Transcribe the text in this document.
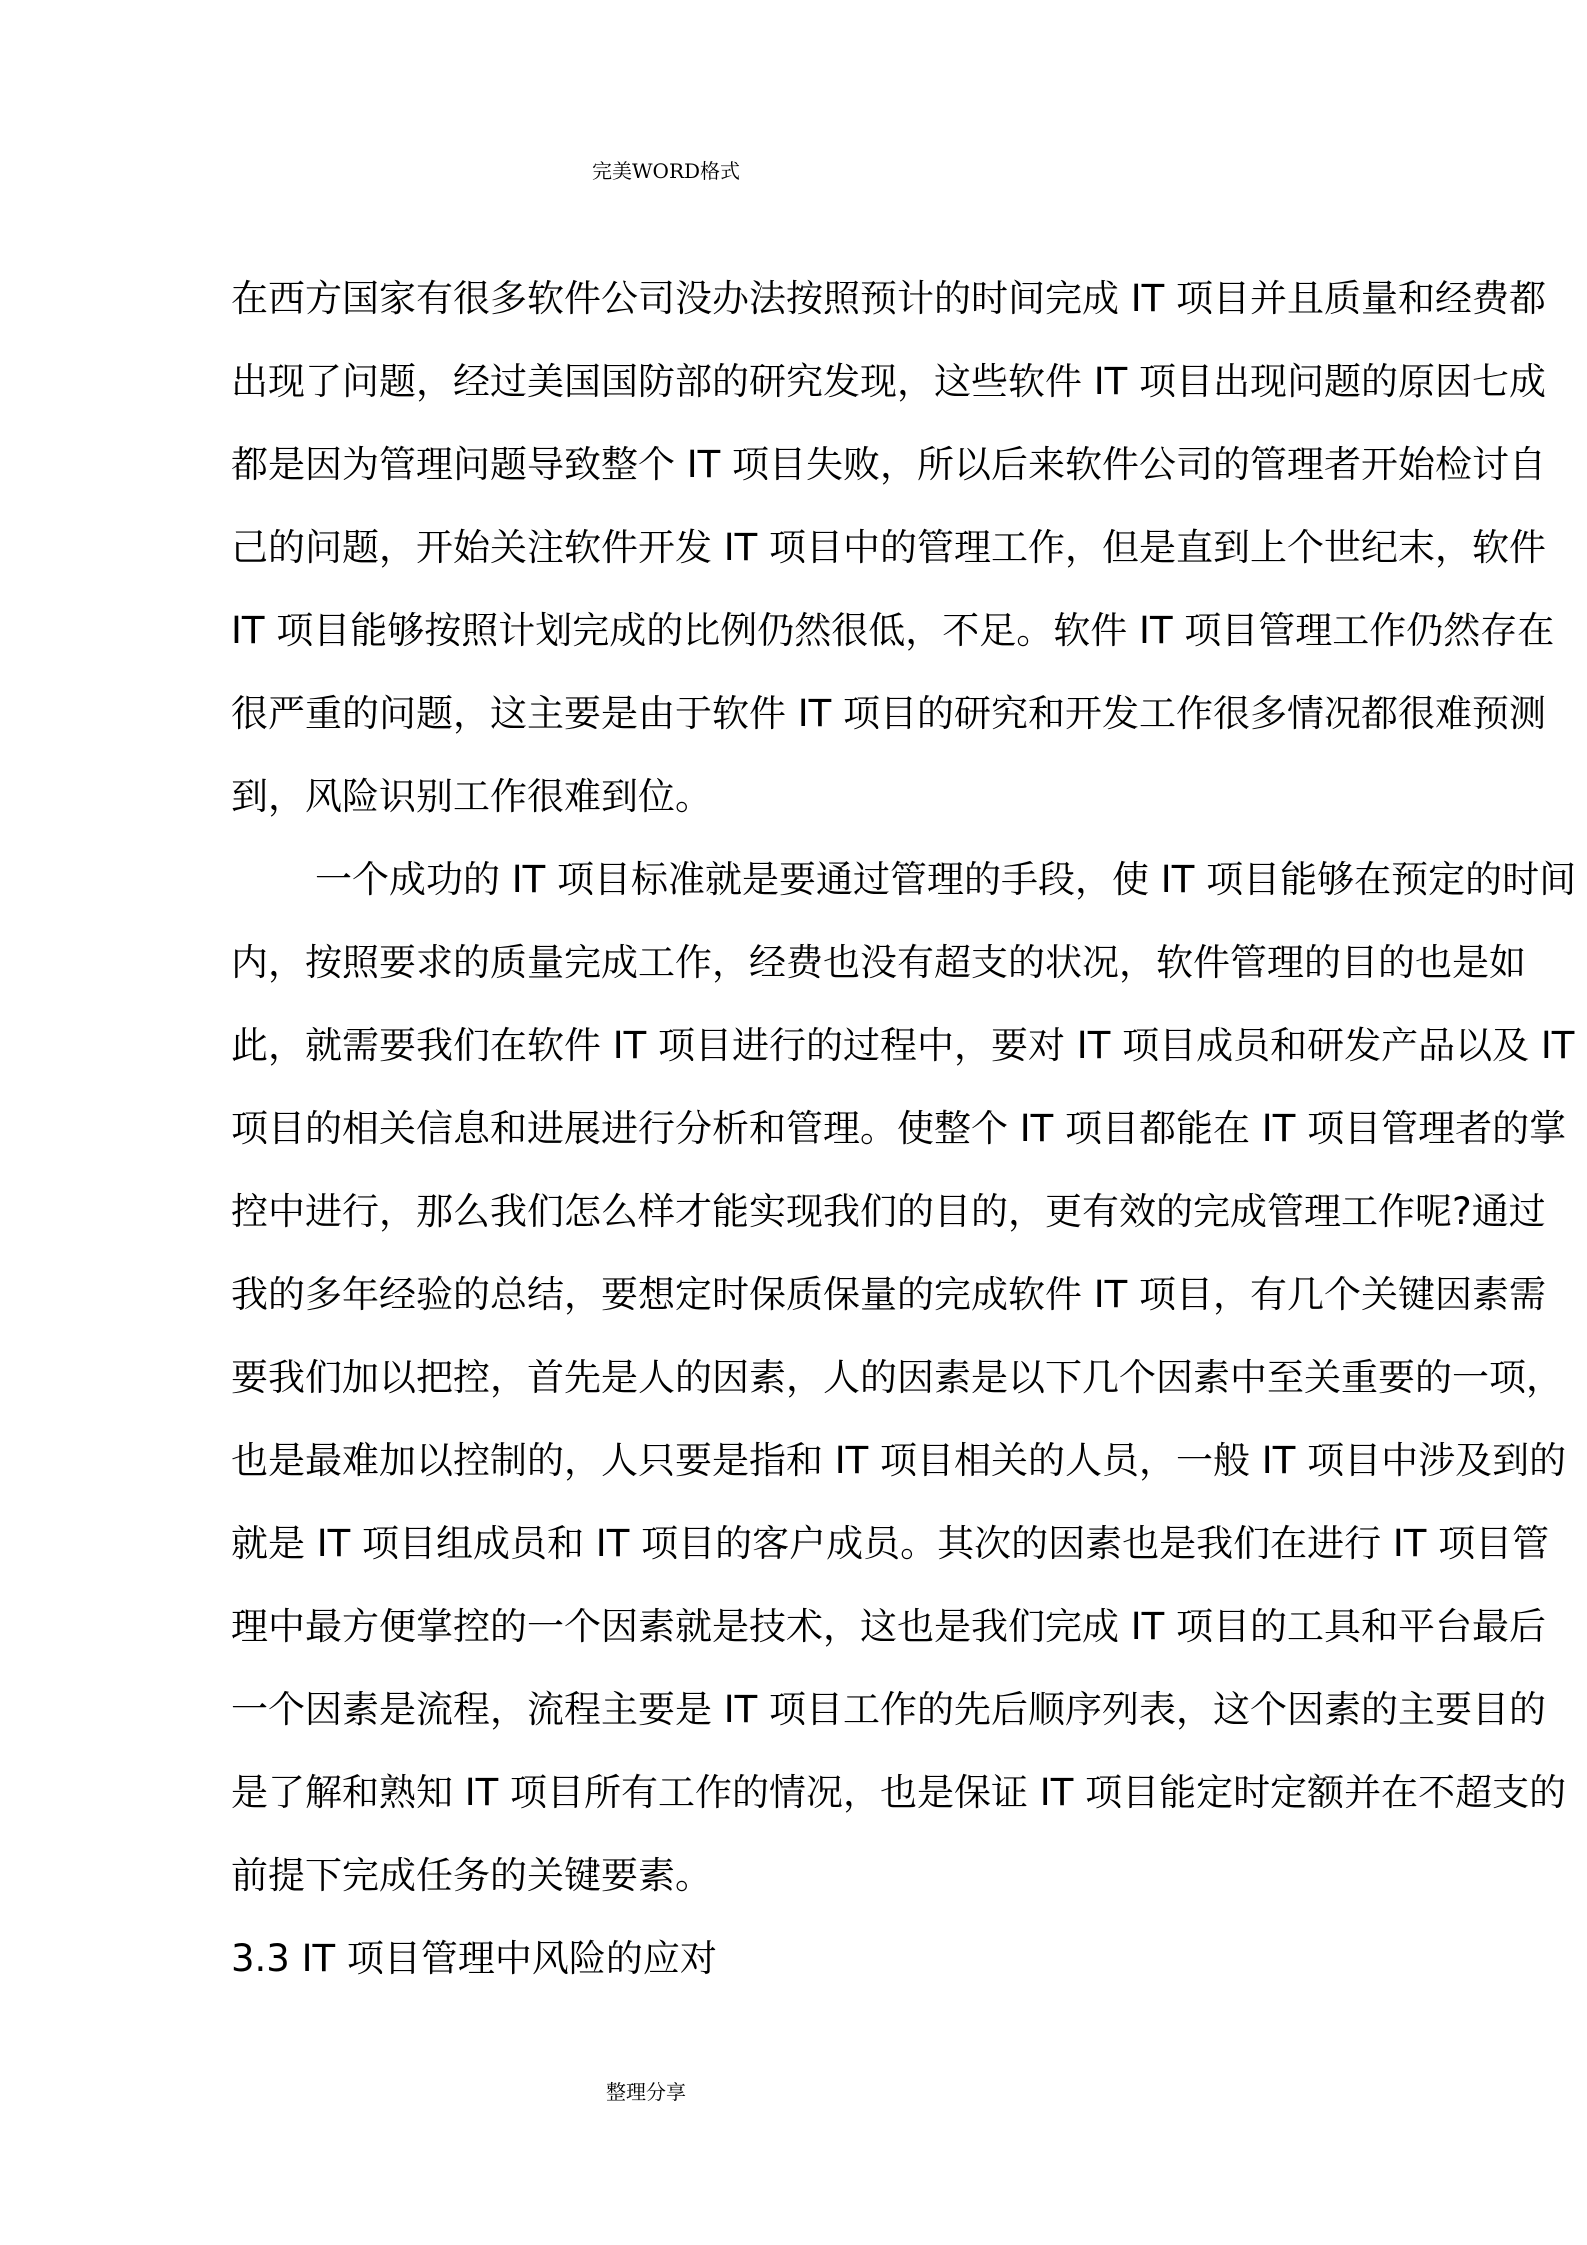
完美WORD格式
在西方国家有很多软件公司没办法按照预计的时间完成 IT 项目并且质量和经费都
出现了问题，经过美国国防部的研究发现，这些软件 IT 项目出现问题的原因七成
都是因为管理问题导致整个 IT 项目失败，所以后来软件公司的管理者开始检讨自
己的问题，开始关注软件开发 IT 项目中的管理工作，但是直到上个世纪末，软件
IT 项目能够按照计划完成的比例仍然很低，不足。软件 IT 项目管理工作仍然存在
很严重的问题，这主要是由于软件 IT 项目的研究和开发工作很多情况都很难预测
到，风险识别工作很难到位。
一个成功的 IT 项目标准就是要通过管理的手段，使 IT 项目能够在预定的时间
内，按照要求的质量完成工作，经费也没有超支的状况，软件管理的目的也是如
此，就需要我们在软件 IT 项目进行的过程中，要对 IT 项目成员和研发产品以及 IT
项目的相关信息和进展进行分析和管理。使整个 IT 项目都能在 IT 项目管理者的掌
控中进行，那么我们怎么样才能实现我们的目的，更有效的完成管理工作呢?通过
我的多年经验的总结，要想定时保质保量的完成软件 IT 项目，有几个关键因素需
要我们加以把控，首先是人的因素，人的因素是以下几个因素中至关重要的一项，
也是最难加以控制的，人只要是指和 IT 项目相关的人员，一般 IT 项目中涉及到的
就是 IT 项目组成员和 IT 项目的客户成员。其次的因素也是我们在进行 IT 项目管
理中最方便掌控的一个因素就是技术，这也是我们完成 IT 项目的工具和平台最后
一个因素是流程，流程主要是 IT 项目工作的先后顺序列表，这个因素的主要目的
是了解和熟知 IT 项目所有工作的情况，也是保证 IT 项目能定时定额并在不超支的
前提下完成任务的关键要素。
3.3 IT 项目管理中风险的应对
整理分享
